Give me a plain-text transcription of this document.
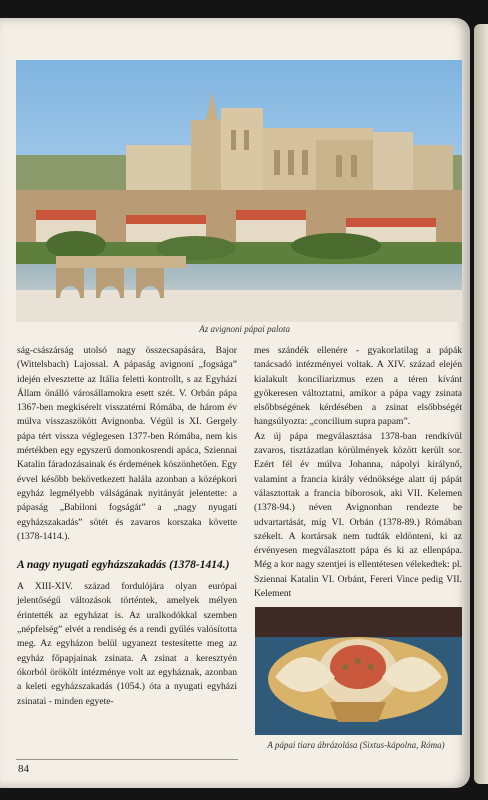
Az avignoni pápai palota

ság-császárság utolsó nagy összecsapására, Bajor (Wittelsbach) Lajossal. A pápaság avignoni „fogsága” idején elvesztette az Itália feletti kontrollt, s az Egyházi Állam önálló városállamokra esett szét. V. Orbán pápa 1367-ben megkísérelt visszatérni Rómába, de három év múlva visszaszökött Avignonba. Végül is XI. Gergely pápa tért vissza véglegesen 1377-ben Rómába, nem kis mértékben egy egyszerű domonkosrendi apáca, Sziennai Katalin fáradozásainak és érdemének köszönhetően. Egy évvel később bekövetkezett halála azonban a középkori egyház legmélyebb válságának nyitányát jelentette: a pápaság „Babiloni fogságát” a „nagy nyugati egyházszakadás” sötét és zavaros korszaka követte (1378-1414.).

A nagy nyugati egyházszakadás (1378-1414.)

A XIII-XIV. század fordulójára olyan európai jelentőségű változások történtek, amelyek mélyen érintették az egyházat is. Az uralkodókkal szemben „népfelség” elvét a rendiség és a rendi gyűlés valósította meg. Az egyházon belül ugyanezt testesítette meg az egyház főpapjainak zsinata. A zsinat a keresztyén ókorból örökölt intézménye volt az egyháznak, azonban a keleti egyházszakadás (1054.) óta a nyugati egyházi zsinatai - minden egyete-

mes szándék ellenére - gyakorlatilag a pápák tanácsadó intézményei voltak. A XIV. század elején kialakult konciliarizmus ezen a téren kívánt gyökeresen változtatni, amikor a pápa vagy zsinata elsőbbségének kérdésében a zsinat elsőbbségét hangsúlyozta: „concilium supra papam”.

Az új pápa megválasztása 1378-ban rendkívül zavaros, tisztázatlan körülmények között került sor. Ezért fél év múlva Johanna, nápolyi királynő, valamint a francia király védnöksége alatt új pápát választottak a francia bíborosok, aki VII. Kelemen (1378-94.) néven Avignonban rendezte be udvartartását, míg VI. Orbán (1378-89.) Rómában székelt. A kortársak nem tudták eldönteni, ki az érvényesen megválasztott pápa és ki az ellenpápa. Még a kor nagy szentjei is ellentétesen vélekedtek: pl. Sziennai Katalin VI. Orbánt, Fereri Vince pedig VII. Kelement

A pápai tiara ábrázolása (Sixtus-kápolna, Róma)
84
